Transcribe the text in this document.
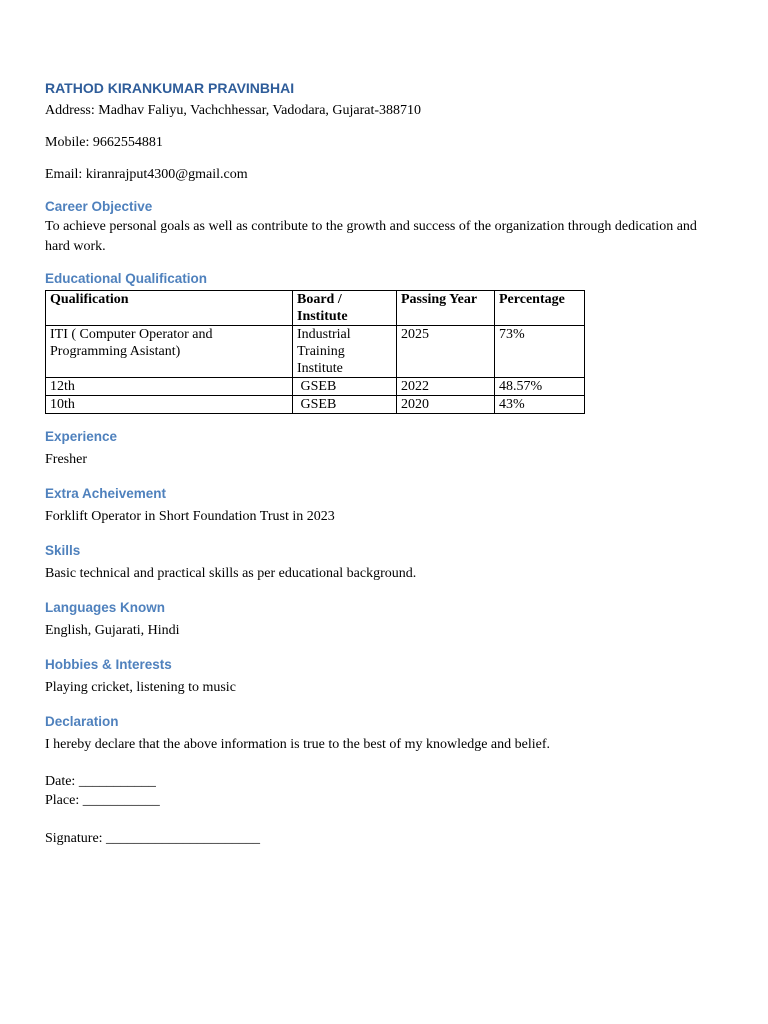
RATHOD KIRANKUMAR PRAVINBHAI

Address: Madhav Faliyu, Vachchhessar, Vadodara, Gujarat-388710

Mobile: 9662554881

Email: kiranrajput4300@gmail.com

Career Objective

To achieve personal goals as well as contribute to the growth and success of the organization through dedication and hard work.

Educational Qualification

Qualification	Board / Institute	Passing Year	Percentage
ITI ( Computer Operator and Programming Asistant)	Industrial Training Institute	2025	73%
12th	GSEB	2022	48.57%
10th	GSEB	2020	43%

Experience

Fresher

Extra Acheivement

Forklift Operator in Short Foundation Trust in 2023

Skills

Basic technical and practical skills as per educational background.

Languages Known

English, Gujarati, Hindi

Hobbies & Interests

Playing cricket, listening to music

Declaration

I hereby declare that the above information is true to the best of my knowledge and belief.

Date: ___________
Place: ___________
Signature: ______________________
